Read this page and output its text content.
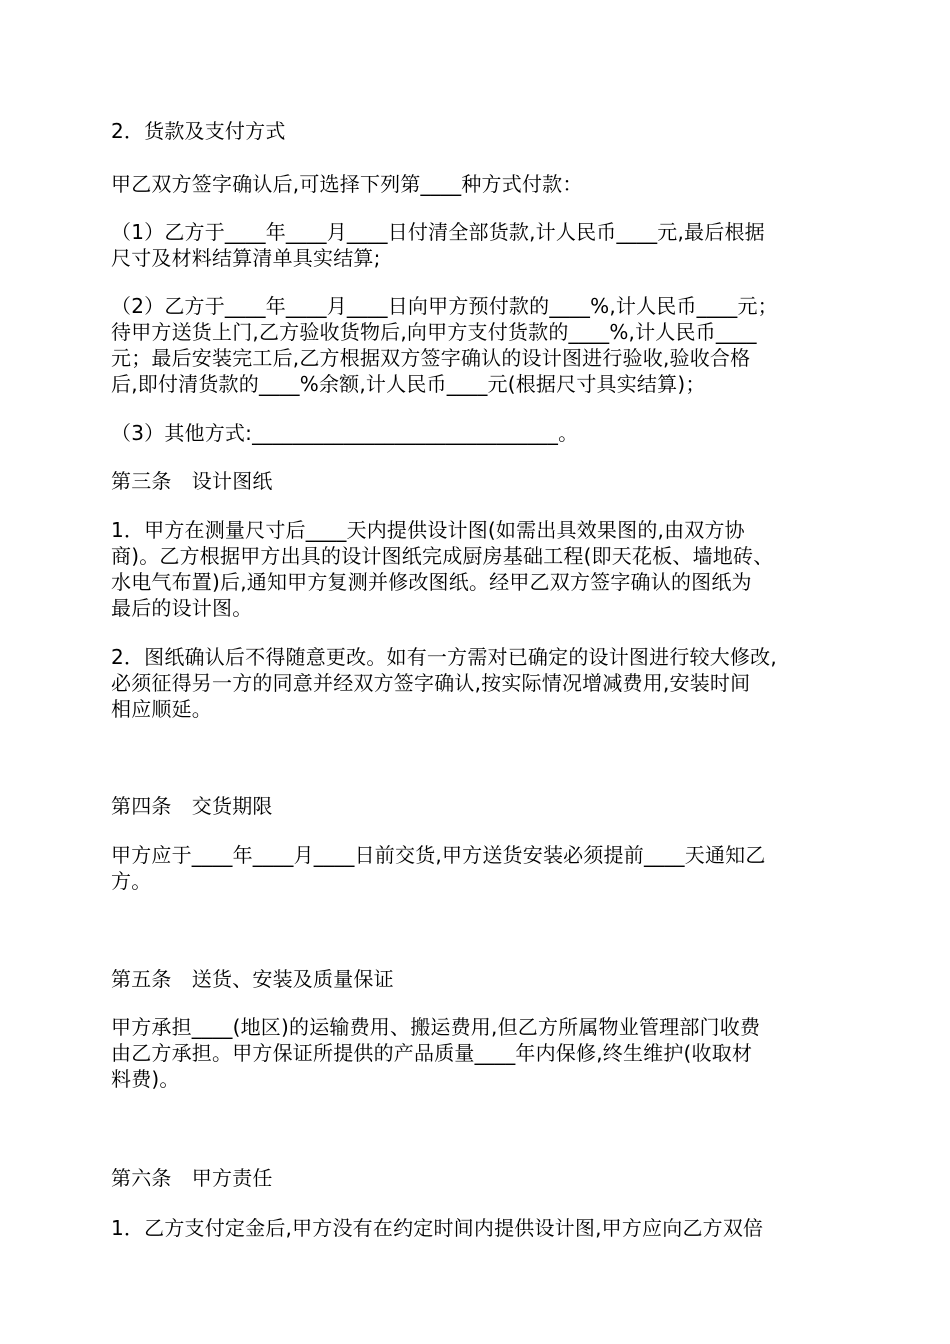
2．货款及支付方式
甲乙双方签字确认后,可选择下列第____种方式付款：
（1）乙方于____年____月____日付清全部货款,计人民币____元,最后根据
尺寸及材料结算清单具实结算;
（2）乙方于____年____月____日向甲方预付款的____%,计人民币____元；
待甲方送货上门,乙方验收货物后,向甲方支付货款的____%,计人民币____
元；最后安装完工后,乙方根据双方签字确认的设计图进行验收,验收合格
后,即付清货款的____%余额,计人民币____元(根据尺寸具实结算)；
（3）其他方式:______________________________。
第三条　设计图纸
1．甲方在测量尺寸后____天内提供设计图(如需出具效果图的,由双方协
商)。乙方根据甲方出具的设计图纸完成厨房基础工程(即天花板、墙地砖、
水电气布置)后,通知甲方复测并修改图纸。经甲乙双方签字确认的图纸为
最后的设计图。
2．图纸确认后不得随意更改。如有一方需对已确定的设计图进行较大修改,
必须征得另一方的同意并经双方签字确认,按实际情况增减费用,安装时间
相应顺延。
第四条　交货期限
甲方应于____年____月____日前交货,甲方送货安装必须提前____天通知乙
方。
第五条　送货、安装及质量保证
甲方承担____(地区)的运输费用、搬运费用,但乙方所属物业管理部门收费
由乙方承担。甲方保证所提供的产品质量____年内保修,终生维护(收取材
料费)。
第六条　甲方责任
1．乙方支付定金后,甲方没有在约定时间内提供设计图,甲方应向乙方双倍
